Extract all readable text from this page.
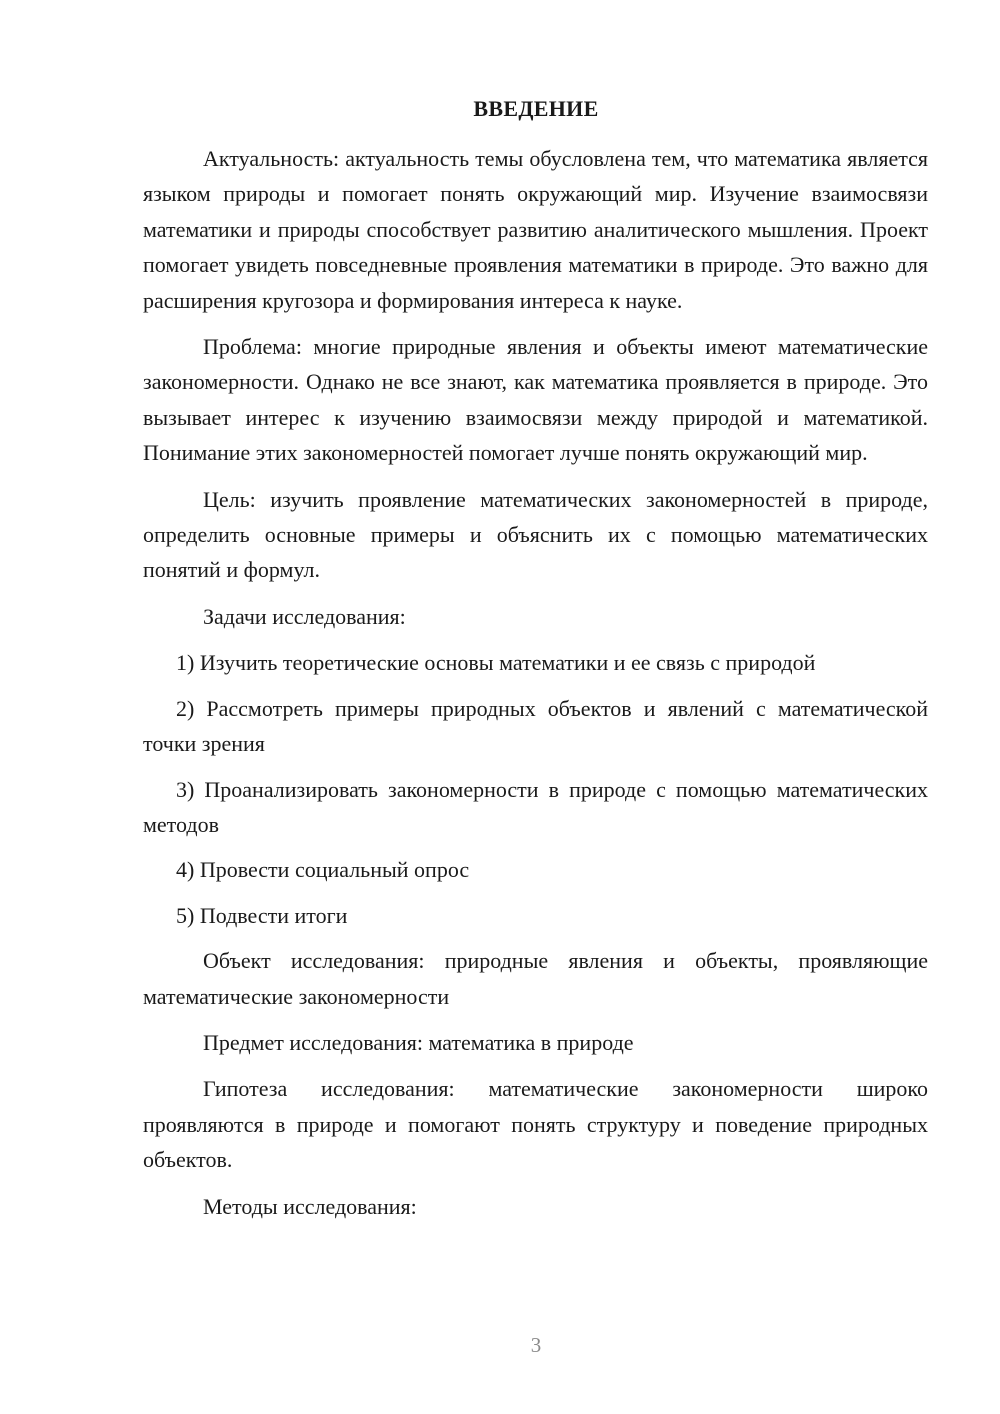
ВВЕДЕНИЕ

Актуальность: актуальность темы обусловлена тем, что математика является языком природы и помогает понять окружающий мир. Изучение взаимосвязи математики и природы способствует развитию аналитического мышления. Проект помогает увидеть повседневные проявления математики в природе. Это важно для расширения кругозора и формирования интереса к науке.

Проблема: многие природные явления и объекты имеют математические закономерности. Однако не все знают, как математика проявляется в природе. Это вызывает интерес к изучению взаимосвязи между природой и математикой. Понимание этих закономерностей помогает лучше понять окружающий мир.

Цель: изучить проявление математических закономерностей в природе, определить основные примеры и объяснить их с помощью математических понятий и формул.

Задачи исследования:

1) Изучить теоретические основы математики и ее связь с природой

2) Рассмотреть примеры природных объектов и явлений с математической точки зрения

3) Проанализировать закономерности в природе с помощью математических методов

4) Провести социальный опрос

5) Подвести итоги

Объект исследования: природные явления и объекты, проявляющие математические закономерности

Предмет исследования: математика в природе

Гипотеза исследования: математические закономерности широко проявляются в природе и помогают понять структуру и поведение природных объектов.

Методы исследования:

3
